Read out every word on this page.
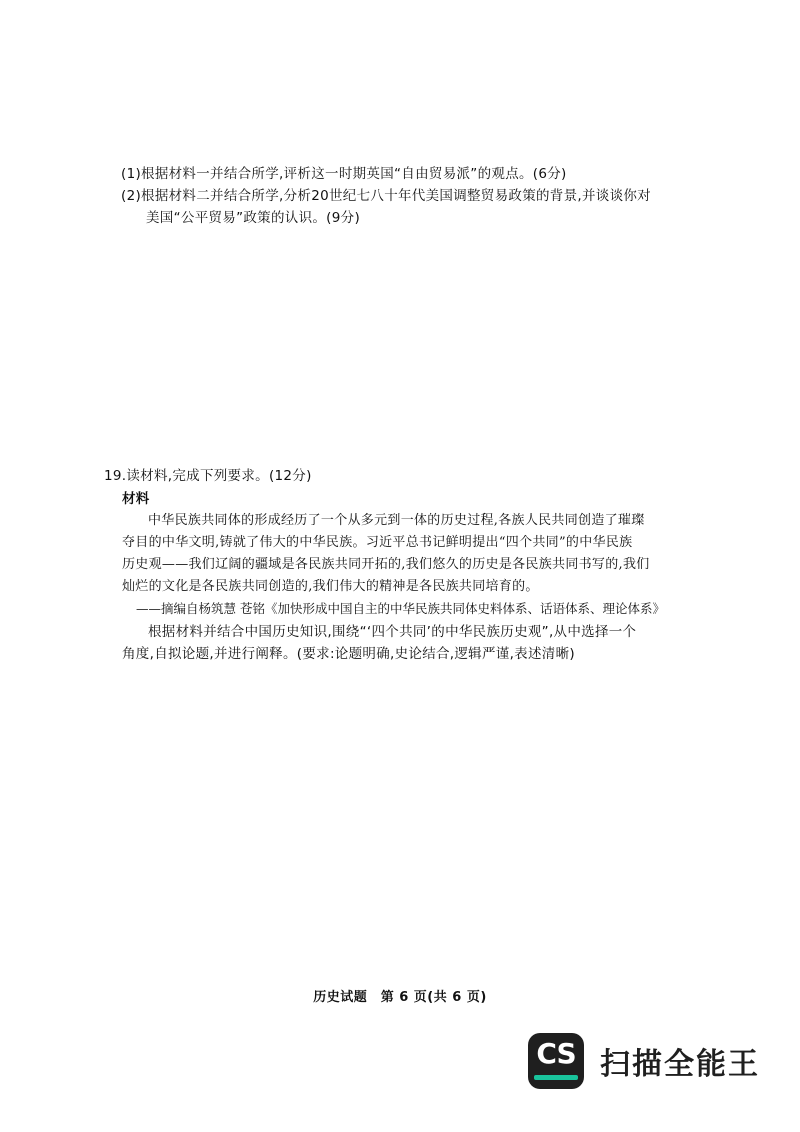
(1)根据材料一并结合所学,评析这一时期英国“自由贸易派”的观点。(6分)
(2)根据材料二并结合所学,分析20世纪七八十年代美国调整贸易政策的背景,并谈谈你对
美国“公平贸易”政策的认识。(9分)
19.读材料,完成下列要求。(12分)
材料
中华民族共同体的形成经历了一个从多元到一体的历史过程,各族人民共同创造了璀璨
夺目的中华文明,铸就了伟大的中华民族。习近平总书记鲜明提出“四个共同”的中华民族
历史观——我们辽阔的疆域是各民族共同开拓的,我们悠久的历史是各民族共同书写的,我们
灿烂的文化是各民族共同创造的,我们伟大的精神是各民族共同培育的。
——摘编自杨筑慧 苍铭《加快形成中国自主的中华民族共同体史料体系、话语体系、理论体系》
根据材料并结合中国历史知识,围绕“‘四个共同’的中华民族历史观”,从中选择一个
角度,自拟论题,并进行阐释。(要求:论题明确,史论结合,逻辑严谨,表述清晰)
历史试题　第 6 页(共 6 页)
CS 扫描全能王
